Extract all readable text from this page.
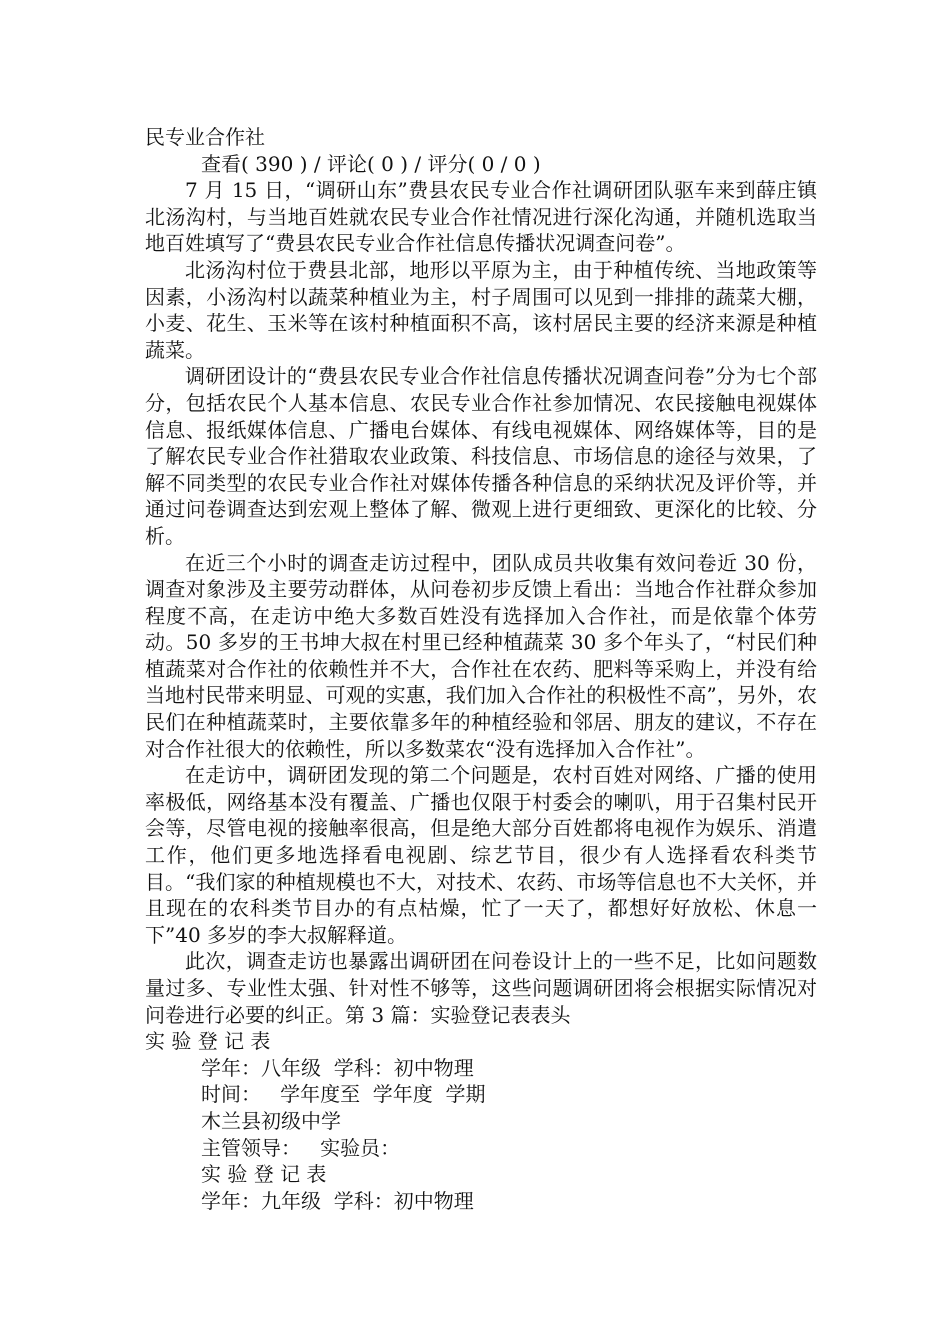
民专业合作社
查看( 390 ) / 评论( 0 ) / 评分( 0 / 0 )

7 月 15 日，“调研山东”费县农民专业合作社调研团队驱车来到薛庄镇北汤沟村，与当地百姓就农民专业合作社情况进行深化沟通，并随机选取当地百姓填写了“费县农民专业合作社信息传播状况调查问卷”。

北汤沟村位于费县北部，地形以平原为主，由于种植传统、当地政策等因素，小汤沟村以蔬菜种植业为主，村子周围可以见到一排排的蔬菜大棚，小麦、花生、玉米等在该村种植面积不高，该村居民主要的经济来源是种植蔬菜。

调研团设计的“费县农民专业合作社信息传播状况调查问卷”分为七个部分，包括农民个人基本信息、农民专业合作社参加情况、农民接触电视媒体信息、报纸媒体信息、广播电台媒体、有线电视媒体、网络媒体等，目的是了解农民专业合作社猎取农业政策、科技信息、市场信息的途径与效果，了解不同类型的农民专业合作社对媒体传播各种信息的采纳状况及评价等，并通过问卷调查达到宏观上整体了解、微观上进行更细致、更深化的比较、分析。

在近三个小时的调查走访过程中，团队成员共收集有效问卷近 30 份，调查对象涉及主要劳动群体，从问卷初步反馈上看出：当地合作社群众参加程度不高，在走访中绝大多数百姓没有选择加入合作社，而是依靠个体劳动。50 多岁的王书坤大叔在村里已经种植蔬菜 30 多个年头了，“村民们种植蔬菜对合作社的依赖性并不大，合作社在农药、肥料等采购上，并没有给当地村民带来明显、可观的实惠，我们加入合作社的积极性不高”，另外，农民们在种植蔬菜时，主要依靠多年的种植经验和邻居、朋友的建议，不存在对合作社很大的依赖性，所以多数菜农“没有选择加入合作社”。

在走访中，调研团发现的第二个问题是，农村百姓对网络、广播的使用率极低，网络基本没有覆盖、广播也仅限于村委会的喇叭，用于召集村民开会等，尽管电视的接触率很高，但是绝大部分百姓都将电视作为娱乐、消遣工作，他们更多地选择看电视剧、综艺节目，很少有人选择看农科类节目。“我们家的种植规模也不大，对技术、农药、市场等信息也不大关怀，并且现在的农科类节目办的有点枯燥，忙了一天了，都想好好放松、休息一下”40 多岁的李大叔解释道。

此次，调查走访也暴露出调研团在问卷设计上的一些不足，比如问题数量过多、专业性太强、针对性不够等，这些问题调研团将会根据实际情况对问卷进行必要的纠正。第 3 篇：实验登记表表头

实 验 登 记 表
学年：八年级  学科：初中物理
时间：   学年度至  学年度  学期
木兰县初级中学
主管领导：   实验员：
实 验 登 记 表
学年：九年级  学科：初中物理
